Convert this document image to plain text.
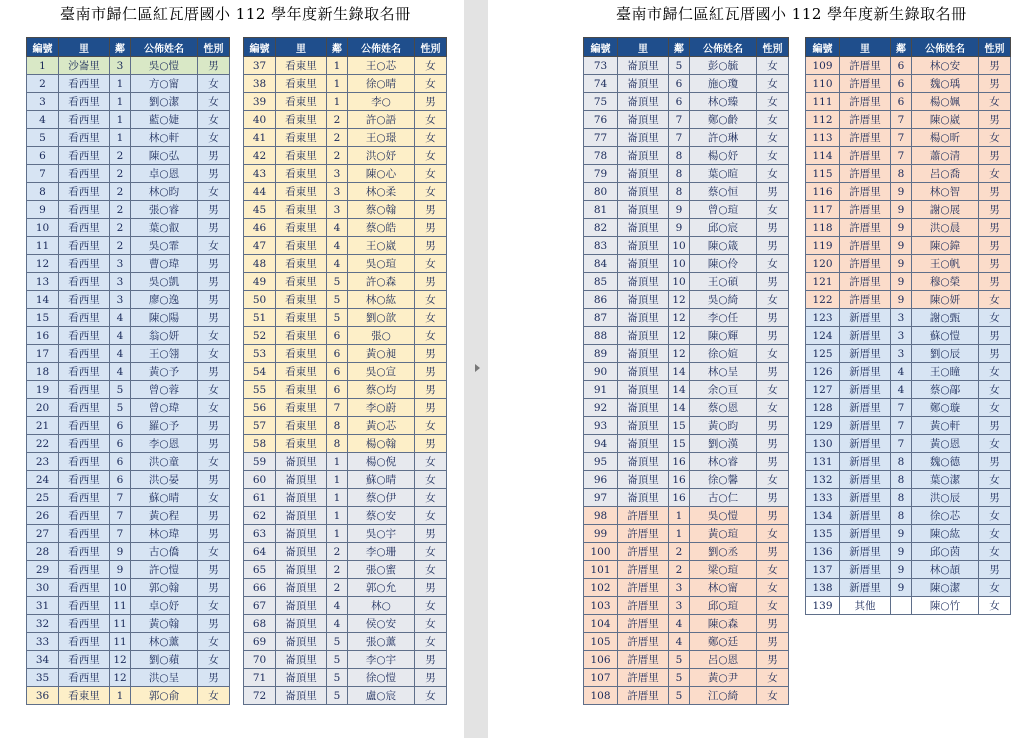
臺南市歸仁區紅瓦厝國小 112 學年度新生錄取名冊
編號	里	鄰	公佈姓名	性別
1	沙崙里	3	吳○愷	男
2	看西里	1	方○甯	女
3	看西里	1	劉○潔	女
4	看西里	1	藍○婕	女
5	看西里	1	林○軒	女
6	看西里	2	陳○弘	男
7	看西里	2	卓○恩	男
8	看西里	2	林○昀	女
9	看西里	2	張○睿	男
10	看西里	2	葉○叡	男
11	看西里	2	吳○霏	女
12	看西里	3	曹○瑋	男
13	看西里	3	吳○凱	男
14	看西里	3	廖○逸	男
15	看西里	4	陳○陽	男
16	看西里	4	翁○妍	女
17	看西里	4	王○翎	女
18	看西里	4	黃○予	男
19	看西里	5	曾○蓉	女
20	看西里	5	曾○瑋	女
21	看西里	6	羅○予	男
22	看西里	6	李○恩	男
23	看西里	6	洪○童	女
24	看西里	6	洪○晏	男
25	看西里	7	蘇○晴	女
26	看西里	7	黃○程	男
27	看西里	7	林○瑋	男
28	看西里	9	古○僑	女
29	看西里	9	許○愷	男
30	看西里	10	郭○翰	男
31	看西里	11	卓○妤	女
32	看西里	11	黃○翰	男
33	看西里	11	林○薰	女
34	看西里	12	劉○蘋	女
35	看西里	12	洪○呈	男
36	看東里	1	郭○俞	女
編號	里	鄰	公佈姓名	性別
37	看東里	1	王○芯	女
38	看東里	1	徐○晴	女
39	看東里	1	李○	男
40	看東里	2	許○語	女
41	看東里	2	王○璟	女
42	看東里	2	洪○妤	女
43	看東里	3	陳○心	女
44	看東里	3	林○柔	女
45	看東里	3	蔡○翰	男
46	看東里	4	蔡○皓	男
47	看東里	4	王○崴	男
48	看東里	4	吳○瑄	女
49	看東里	5	許○森	男
50	看東里	5	林○紘	女
51	看東里	5	劉○歆	女
52	看東里	6	張○	女
53	看東里	6	黃○昶	男
54	看東里	6	吳○宣	男
55	看東里	6	蔡○均	男
56	看東里	7	李○蔚	男
57	看東里	8	黃○芯	女
58	看東里	8	楊○翰	男
59	崙頂里	1	楊○倪	女
60	崙頂里	1	蘇○晴	女
61	崙頂里	1	蔡○伊	女
62	崙頂里	1	蔡○安	女
63	崙頂里	1	吳○宇	男
64	崙頂里	2	李○珊	女
65	崙頂里	2	張○蜜	女
66	崙頂里	2	郭○允	男
67	崙頂里	4	林○	女
68	崙頂里	4	侯○安	女
69	崙頂里	5	張○薰	女
70	崙頂里	5	李○宇	男
71	崙頂里	5	徐○愷	男
72	崙頂里	5	盧○宸	女
臺南市歸仁區紅瓦厝國小 112 學年度新生錄取名冊
編號	里	鄰	公佈姓名	性別
73	崙頂里	5	彭○毓	女
74	崙頂里	6	施○瓊	女
75	崙頂里	6	林○臻	女
76	崙頂里	7	鄭○齡	女
77	崙頂里	7	許○琳	女
78	崙頂里	8	楊○妤	女
79	崙頂里	8	葉○暄	女
80	崙頂里	8	蔡○恒	男
81	崙頂里	9	曾○瑄	女
82	崙頂里	9	邱○宸	男
83	崙頂里	10	陳○箴	男
84	崙頂里	10	陳○伶	女
85	崙頂里	10	王○碩	男
86	崙頂里	12	吳○綺	女
87	崙頂里	12	李○任	男
88	崙頂里	12	陳○輝	男
89	崙頂里	12	徐○媗	女
90	崙頂里	14	林○呈	男
91	崙頂里	14	余○亘	女
92	崙頂里	14	蔡○恩	女
93	崙頂里	15	黃○昀	男
94	崙頂里	15	劉○漢	男
95	崙頂里	16	林○睿	男
96	崙頂里	16	徐○馨	女
97	崙頂里	16	古○仁	男
98	許厝里	1	吳○愷	男
99	許厝里	1	黃○瑄	女
100	許厝里	2	劉○丞	男
101	許厝里	2	梁○瑄	女
102	許厝里	3	林○甯	女
103	許厝里	3	邱○瑄	女
104	許厝里	4	陳○森	男
105	許厝里	4	鄭○廷	男
106	許厝里	5	呂○恩	男
107	許厝里	5	黃○尹	女
108	許厝里	5	江○綺	女
編號	里	鄰	公佈姓名	性別
109	許厝里	6	林○安	男
110	許厝里	6	魏○瑀	男
111	許厝里	6	楊○姵	女
112	許厝里	7	陳○崴	男
113	許厝里	7	楊○昕	女
114	許厝里	7	蕭○清	男
115	許厝里	8	呂○喬	女
116	許厝里	9	林○智	男
117	許厝里	9	謝○展	男
118	許厝里	9	洪○晨	男
119	許厝里	9	陳○鍏	男
120	許厝里	9	王○帆	男
121	許厝里	9	穆○榮	男
122	許厝里	9	陳○妍	女
123	新厝里	3	謝○甄	女
124	新厝里	3	蘇○愷	男
125	新厝里	3	劉○辰	男
126	新厝里	4	王○瞳	女
127	新厝里	4	蔡○鄗	女
128	新厝里	7	鄭○璇	女
129	新厝里	7	黃○軒	男
130	新厝里	7	黃○恩	女
131	新厝里	8	魏○德	男
132	新厝里	8	葉○潔	女
133	新厝里	8	洪○辰	男
134	新厝里	8	徐○芯	女
135	新厝里	9	陳○紘	女
136	新厝里	9	邱○茵	女
137	新厝里	9	林○頡	男
138	新厝里	9	陳○潔	女
139	其他		陳○竹	女
